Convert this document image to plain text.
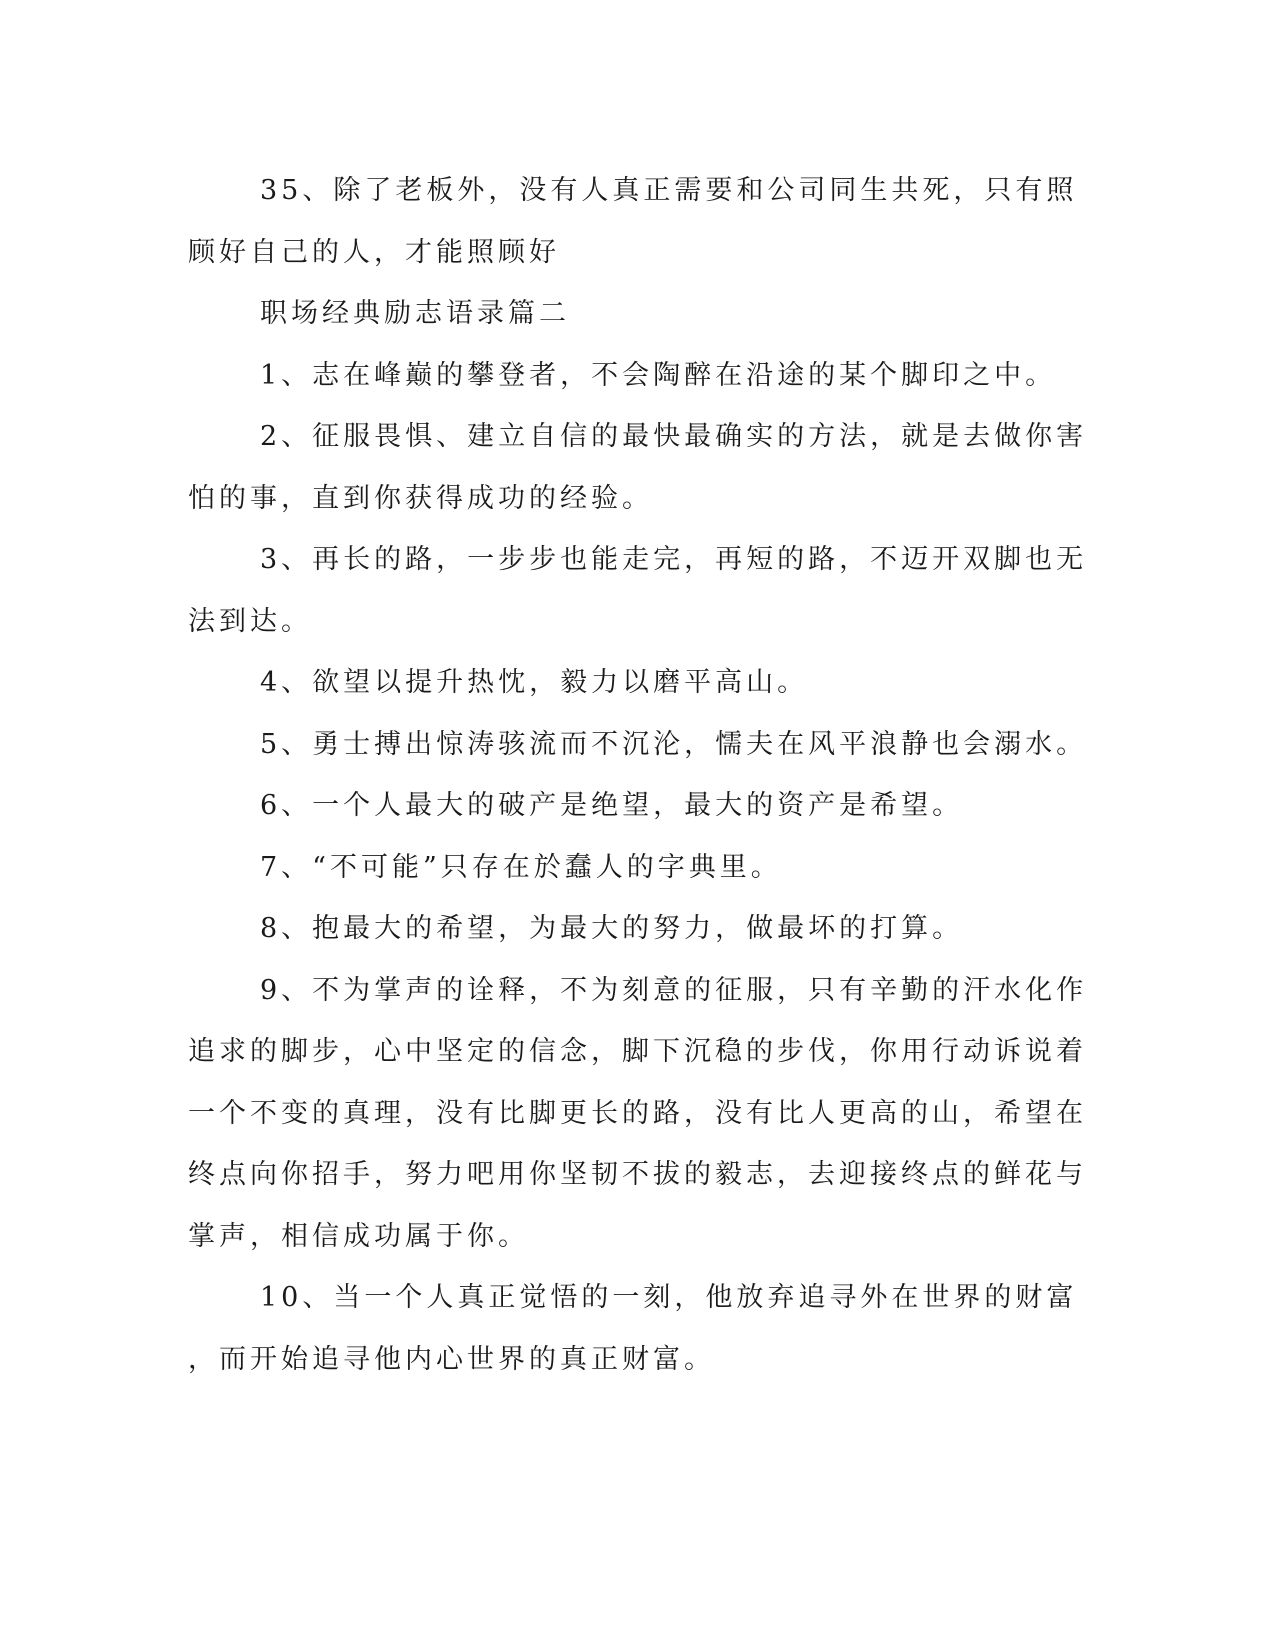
35、除了老板外，没有人真正需要和公司同生共死，只有照顾好自己的人，才能照顾好

职场经典励志语录篇二

1、志在峰巅的攀登者，不会陶醉在沿途的某个脚印之中。

2、征服畏惧、建立自信的最快最确实的方法，就是去做你害怕的事，直到你获得成功的经验。

3、再长的路，一步步也能走完，再短的路，不迈开双脚也无法到达。

4、欲望以提升热忱，毅力以磨平高山。

5、勇士搏出惊涛骇流而不沉沦，懦夫在风平浪静也会溺水。

6、一个人最大的破产是绝望，最大的资产是希望。

7、“不可能”只存在於蠢人的字典里。

8、抱最大的希望，为最大的努力，做最坏的打算。

9、不为掌声的诠释，不为刻意的征服，只有辛勤的汗水化作追求的脚步，心中坚定的信念，脚下沉稳的步伐，你用行动诉说着一个不变的真理，没有比脚更长的路，没有比人更高的山，希望在终点向你招手，努力吧用你坚韧不拔的毅志，去迎接终点的鲜花与掌声，相信成功属于你。

10、当一个人真正觉悟的一刻，他放弃追寻外在世界的财富，而开始追寻他内心世界的真正财富。
